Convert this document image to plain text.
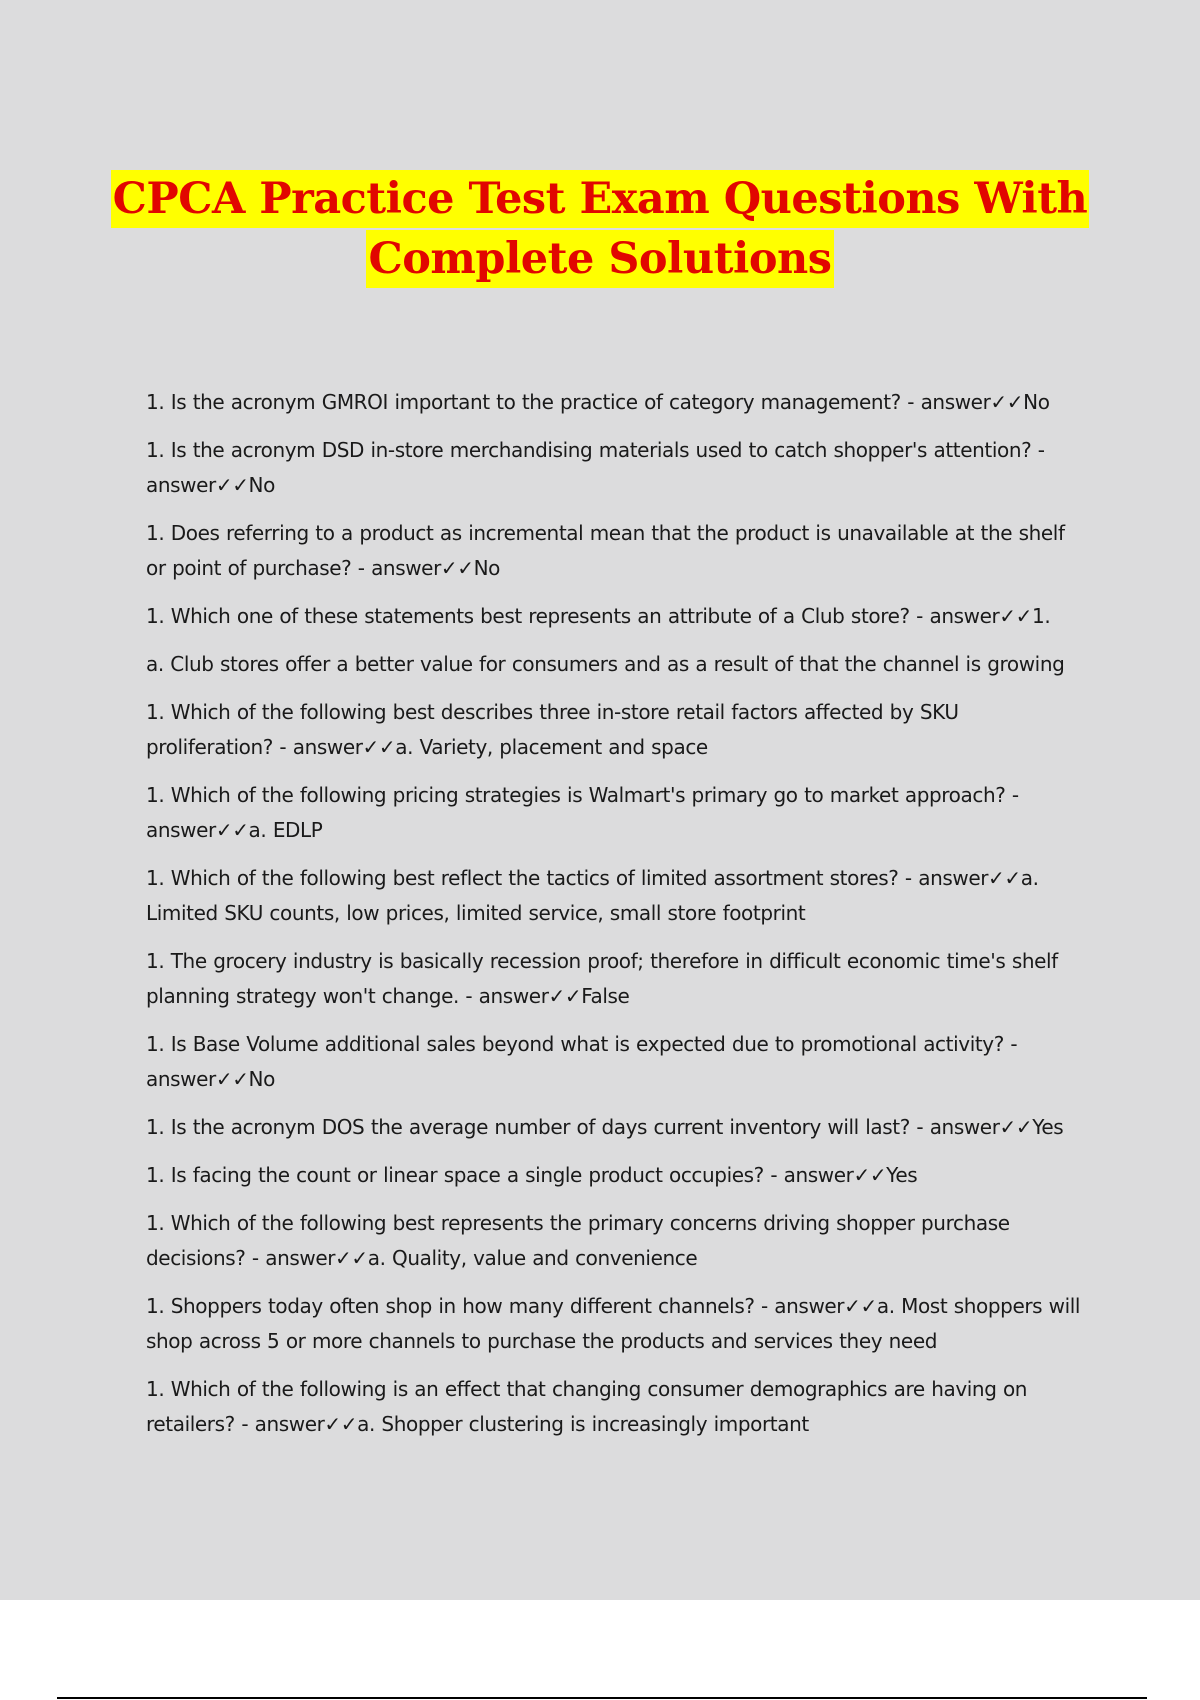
CPCA Practice Test Exam Questions With
Complete Solutions

1. Is the acronym GMROI important to the practice of category management? - answer✓✓No

1. Is the acronym DSD in-store merchandising materials used to catch shopper's attention? - answer✓✓No

1. Does referring to a product as incremental mean that the product is unavailable at the shelf or point of purchase? - answer✓✓No

1. Which one of these statements best represents an attribute of a Club store? - answer✓✓1.

a. Club stores offer a better value for consumers and as a result of that the channel is growing

1. Which of the following best describes three in-store retail factors affected by SKU proliferation? - answer✓✓a. Variety, placement and space

1. Which of the following pricing strategies is Walmart's primary go to market approach? - answer✓✓a. EDLP

1. Which of the following best reflect the tactics of limited assortment stores? - answer✓✓a. Limited SKU counts, low prices, limited service, small store footprint

1. The grocery industry is basically recession proof; therefore in difficult economic time's shelf planning strategy won't change. - answer✓✓False

1. Is Base Volume additional sales beyond what is expected due to promotional activity? - answer✓✓No

1. Is the acronym DOS the average number of days current inventory will last? - answer✓✓Yes

1. Is facing the count or linear space a single product occupies? - answer✓✓Yes

1. Which of the following best represents the primary concerns driving shopper purchase decisions? - answer✓✓a. Quality, value and convenience

1. Shoppers today often shop in how many different channels? - answer✓✓a. Most shoppers will shop across 5 or more channels to purchase the products and services they need

1. Which of the following is an effect that changing consumer demographics are having on retailers? - answer✓✓a. Shopper clustering is increasingly important
